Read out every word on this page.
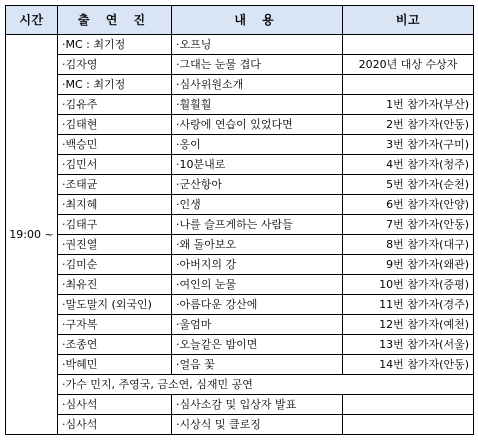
시간	출 연 진	내 용	비고
19:00 ~	·MC : 최기정	·오프닝	
	·김자영	·그대는 눈물 겹다	2020년 대상 수상자
	·MC : 최기정	·심사위원소개	
	·김유주	·훨훨훨	1번 참가자(부산)
	·김태현	·사랑에 연습이 있었다면	2번 참가자(안동)
	·백승민	·옹이	3번 참가자(구미)
	·김민서	·10분내로	4번 참가자(청주)
	·조태균	·군산항아	5번 참가자(순천)
	·최지혜	·인생	6번 참가자(안양)
	·김태구	·나를 슬프게하는 사람들	7번 참가자(안동)
	·권진열	·왜 돌아보오	8번 참가자(대구)
	·김미순	·아버지의 강	9번 참가자(왜관)
	·최유진	·여인의 눈물	10번 참가자(증평)
	·말도말지 (외국인)	·아름다운 강산에	11번 참가자(경주)
	·구자복	·울엄마	12번 참가자(예천)
	·조종연	·오늘같은 밤이면	13번 참가자(서울)
	·박혜민	·얼음 꽃	14번 참가자(안동)
	·가수 민지, 주영국, 금소연, 심재민 공연		
	·심사석	·심사소감 및 입상자 발표	
	·심사석	·시상식 및 클로징	
